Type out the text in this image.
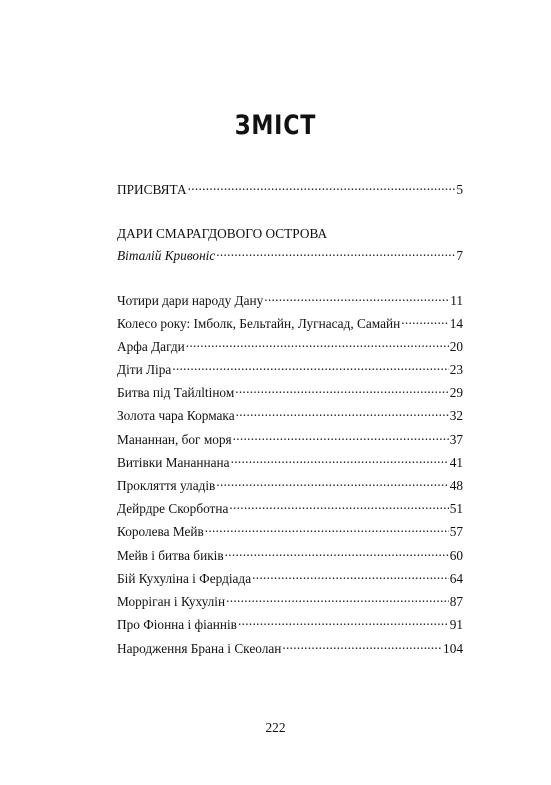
ЗМІСТ
ПРИСВЯТА .....	5
ДАРИ СМАРАГДОВОГО ОСТРОВА
Віталій Кривоніс .....	7
Чотири дари народу Дану .....	11
Колесо року: Імболк, Бельтайн, Лугнасад, Самайн .....	14
Арфа Дагди .....	20
Діти Ліра .....	23
Битва під Тайлltіном .....	29
Золота чара Кормака .....	32
Мананнан, бог моря .....	37
Витівки Мананнана .....	41
Прокляття уладів .....	48
Дейрдре Скорботна .....	51
Королева Мейв .....	57
Мейв і битва биків .....	60
Бій Кухуліна і Фердіада .....	64
Морріган і Кухулін .....	87
Про Фіонна і фіаннів .....	91
Народження Брана і Скеолан .....	104
222
